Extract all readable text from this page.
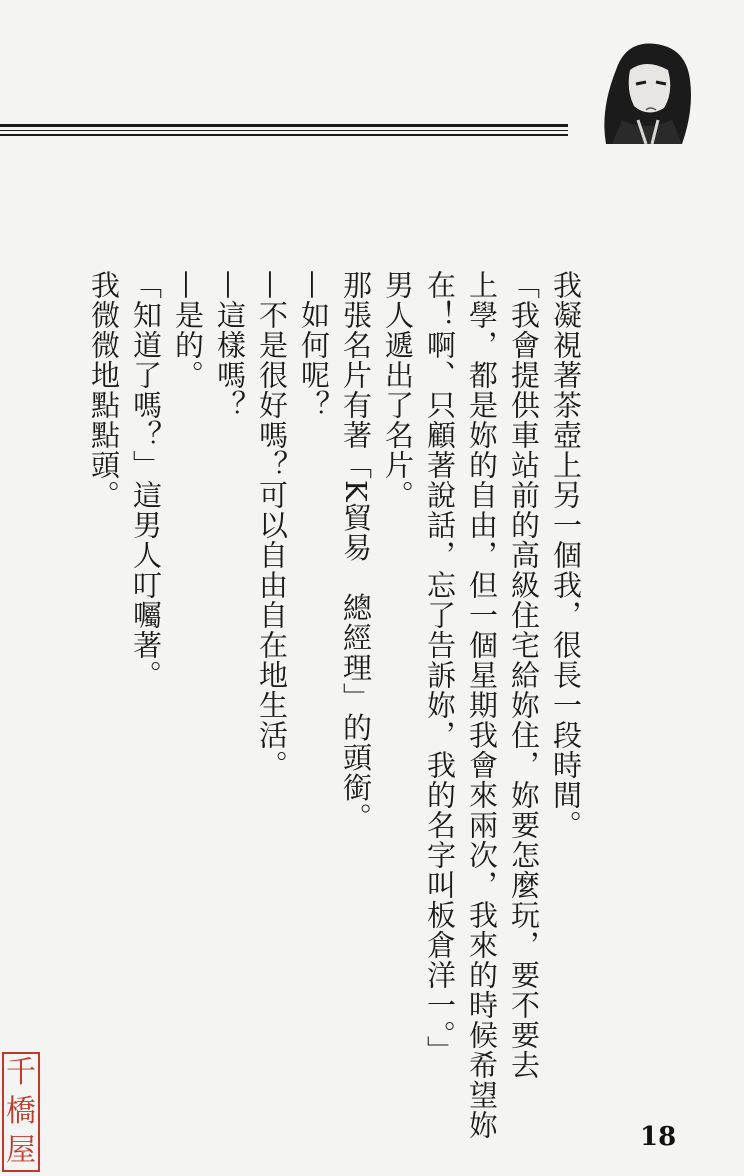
我凝視著茶壺上另一個我，很長一段時間。
「我會提供車站前的高級住宅給妳住，妳要怎麼玩，要不要去
上學，都是妳的自由，但一個星期我會來兩次，我來的時候希望妳
在！啊、只顧著說話，忘了告訴妳，我的名字叫板倉洋一。」
男人遞出了名片。
那張名片有著「K貿易　總經理」的頭銜。
—如何呢？
—不是很好嗎？可以自由自在地生活。
—這樣嗎？
—是的。
「知道了嗎？」這男人叮囑著。
我微微地點點頭。
千
橋
屋	18
